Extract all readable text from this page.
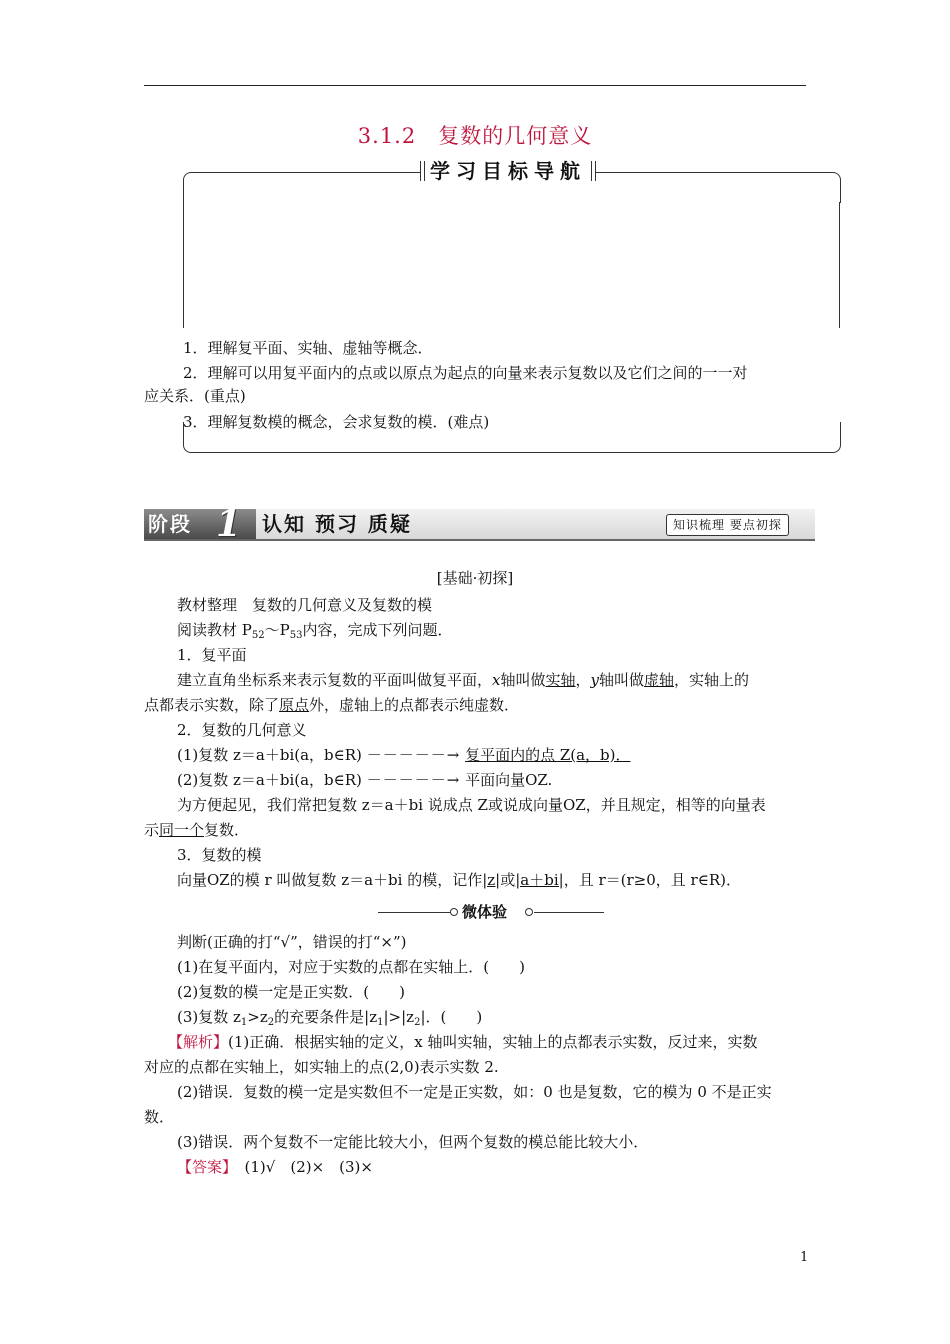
3.1.2　复数的几何意义
学习目标导航
1．理解复平面、实轴、虚轴等概念．
2．理解可以用复平面内的点或以原点为起点的向量来表示复数以及它们之间的一一对
应关系．(重点)
3．理解复数模的概念，会求复数的模．(难点)
阶段 1 认知 预习 质疑	知识梳理 要点初探
[基础·初探]
教材整理　复数的几何意义及复数的模
阅读教材 $P_{52}\sim P_{53}$内容，完成下列问题．
1．复平面
建立直角坐标系来表示复数的平面叫做复平面，x轴叫做实轴，y轴叫做虚轴，实轴上的
点都表示实数，除了原点外，虚轴上的点都表示纯虚数．
2．复数的几何意义
(1)复数 z＝a＋bi(a，b∈R) －－－－－→ 复平面内的点 Z(a，b)．
(2)复数 z＝a＋bi(a，b∈R) －－－－－→ 平面向量OZ.
为方便起见，我们常把复数 z＝a＋bi 说成点 Z或说成向量OZ，并且规定，相等的向量表
示同一个复数．
3．复数的模
向量OZ的模 r 叫做复数 z＝a＋bi 的模，记作|z|或|a＋bi|，且 r＝(r≥0，且 r∈R)．
微体验
判断(正确的打“√”，错误的打“×”)
(1)在复平面内，对应于实数的点都在实轴上．(　　)
(2)复数的模一定是正实数．(　　)
(3)复数 $z_1>z_2$的充要条件是$|z_1|>|z_2|$．(　　)
【解析】(1)正确．根据实轴的定义，x 轴叫实轴，实轴上的点都表示实数，反过来，实数
对应的点都在实轴上，如实轴上的点(2,0)表示实数 2.
(2)错误．复数的模一定是实数但不一定是正实数，如：0 也是复数，它的模为 0 不是正实
数．
(3)错误．两个复数不一定能比较大小，但两个复数的模总能比较大小．
【答案】　 (1)√　(2)×　(3)×
1
